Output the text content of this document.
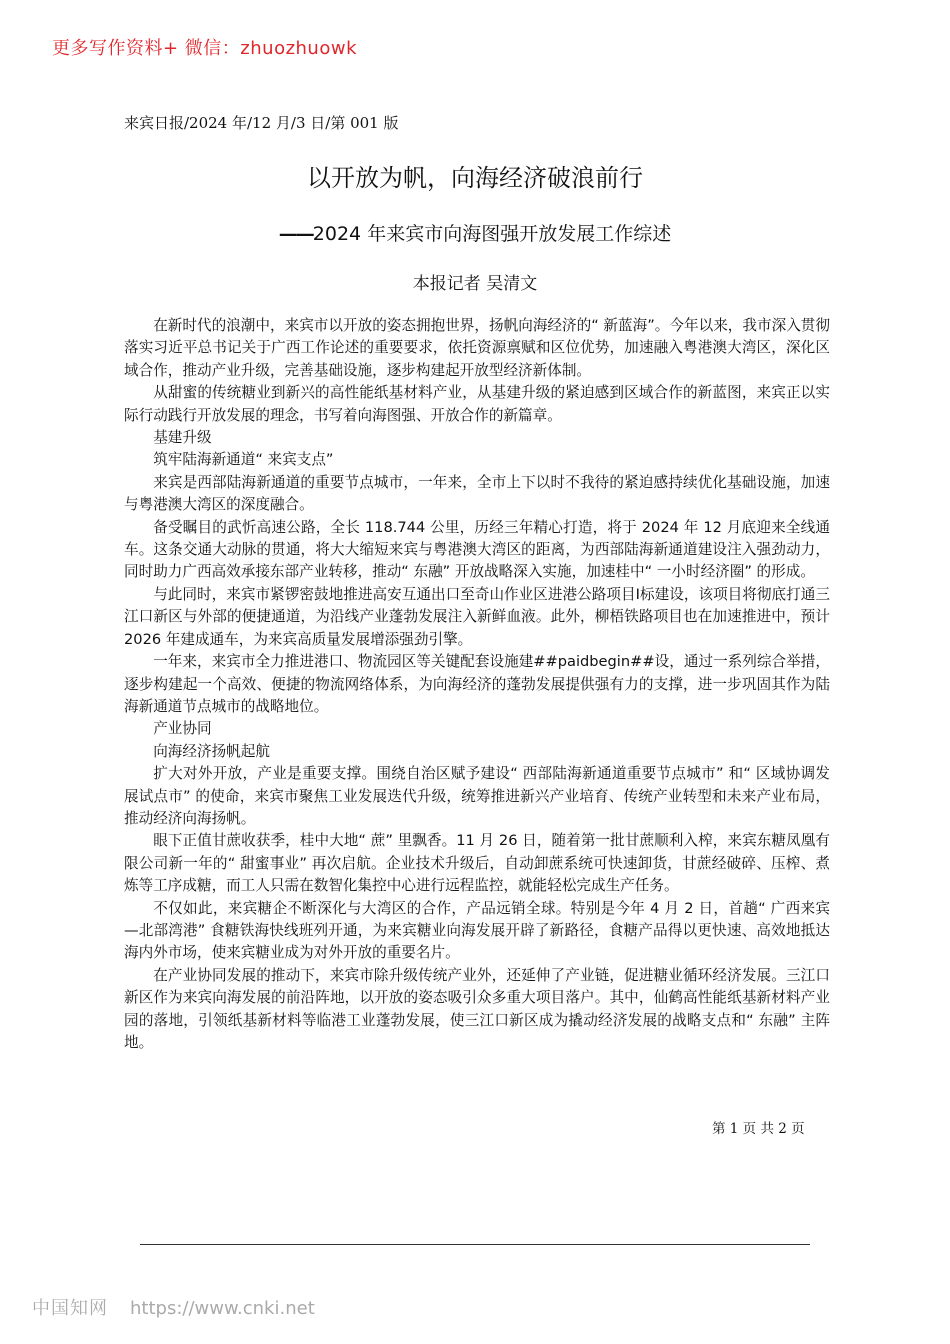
更多写作资料+ 微信：zhuozhuowk
来宾日报/2024 年/12 月/3 日/第 001 版
以开放为帆，向海经济破浪前行
——2024 年来宾市向海图强开放发展工作综述
本报记者 吴清文

在新时代的浪潮中，来宾市以开放的姿态拥抱世界，扬帆向海经济的“ 新蓝海”。今年以来，我市深入贯彻落实习近平总书记关于广西工作论述的重要要求，依托资源禀赋和区位优势，加速融入粤港澳大湾区，深化区域合作，推动产业升级，完善基础设施，逐步构建起开放型经济新体制。

从甜蜜的传统糖业到新兴的高性能纸基材料产业，从基建升级的紧迫感到区域合作的新蓝图，来宾正以实际行动践行开放发展的理念，书写着向海图强、开放合作的新篇章。

基建升级

筑牢陆海新通道“ 来宾支点”

来宾是西部陆海新通道的重要节点城市，一年来，全市上下以时不我待的紧迫感持续优化基础设施，加速与粤港澳大湾区的深度融合。

备受瞩目的武忻高速公路，全长 118.744 公里，历经三年精心打造，将于 2024 年 12 月底迎来全线通车。这条交通大动脉的贯通，将大大缩短来宾与粤港澳大湾区的距离，为西部陆海新通道建设注入强劲动力，同时助力广西高效承接东部产业转移，推动“ 东融” 开放战略深入实施，加速桂中“ 一小时经济圈” 的形成。

与此同时，来宾市紧锣密鼓地推进高安互通出口至奇山作业区进港公路项目Ⅰ标建设，该项目将彻底打通三江口新区与外部的便捷通道，为沿线产业蓬勃发展注入新鲜血液。此外，柳梧铁路项目也在加速推进中，预计 2026 年建成通车，为来宾高质量发展增添强劲引擎。

一年来，来宾市全力推进港口、物流园区等关键配套设施建##paidbegin##设，通过一系列综合举措，逐步构建起一个高效、便捷的物流网络体系，为向海经济的蓬勃发展提供强有力的支撑，进一步巩固其作为陆海新通道节点城市的战略地位。

产业协同

向海经济扬帆起航

扩大对外开放，产业是重要支撑。围绕自治区赋予建设“ 西部陆海新通道重要节点城市” 和“ 区域协调发展试点市” 的使命，来宾市聚焦工业发展迭代升级，统筹推进新兴产业培育、传统产业转型和未来产业布局，推动经济向海扬帆。

眼下正值甘蔗收获季，桂中大地“ 蔗” 里飘香。11 月 26 日，随着第一批甘蔗顺利入榨，来宾东糖凤凰有限公司新一年的“ 甜蜜事业” 再次启航。企业技术升级后，自动卸蔗系统可快速卸货，甘蔗经破碎、压榨、煮炼等工序成糖，而工人只需在数智化集控中心进行远程监控，就能轻松完成生产任务。

不仅如此，来宾糖企不断深化与大湾区的合作，产品远销全球。特别是今年 4 月 2 日，首趟“ 广西来宾—北部湾港” 食糖铁海快线班列开通，为来宾糖业向海发展开辟了新路径，食糖产品得以更快速、高效地抵达海内外市场，使来宾糖业成为对外开放的重要名片。

在产业协同发展的推动下，来宾市除升级传统产业外，还延伸了产业链，促进糖业循环经济发展。三江口新区作为来宾向海发展的前沿阵地，以开放的姿态吸引众多重大项目落户。其中，仙鹤高性能纸基新材料产业园的落地，引领纸基新材料等临港工业蓬勃发展，使三江口新区成为撬动经济发展的战略支点和“ 东融” 主阵地。

第 1 页 共 2 页
中国知网 https://www.cnki.net
